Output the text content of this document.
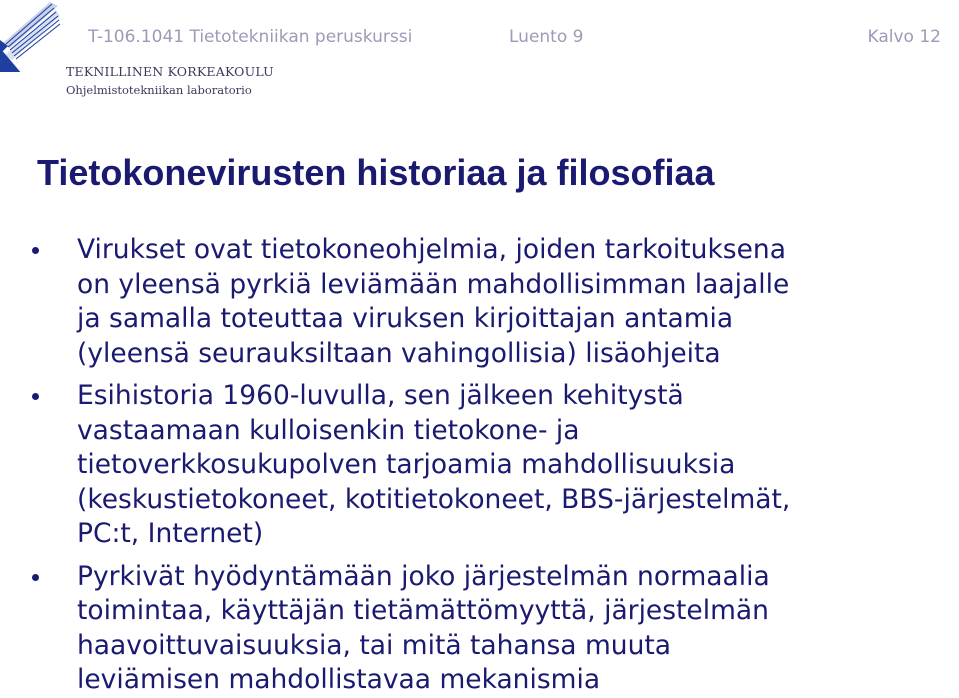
T-106.1041 Tietotekniikan peruskurssi	Luento 9	Kalvo 12
TEKNILLINEN KORKEAKOULU
Ohjelmistotekniikan laboratorio
Tietokonevirusten historiaa ja filosofiaa
Virukset ovat tietokoneohjelmia, joiden tarkoituksena
on yleensä pyrkiä leviämään mahdollisimman laajalle
ja samalla toteuttaa viruksen kirjoittajan antamia
(yleensä seurauksiltaan vahingollisia) lisäohjeita
Esihistoria 1960-luvulla, sen jälkeen kehitystä
vastaamaan kulloisenkin tietokone- ja
tietoverkkosukupolven tarjoamia mahdollisuuksia
(keskustietokoneet, kotitietokoneet, BBS-järjestelmät,
PC:t, Internet)
Pyrkivät hyödyntämään joko järjestelmän normaalia
toimintaa, käyttäjän tietämättömyyttä, järjestelmän
haavoittuvaisuuksia, tai mitä tahansa muuta
leviämisen mahdollistavaa mekanismia
